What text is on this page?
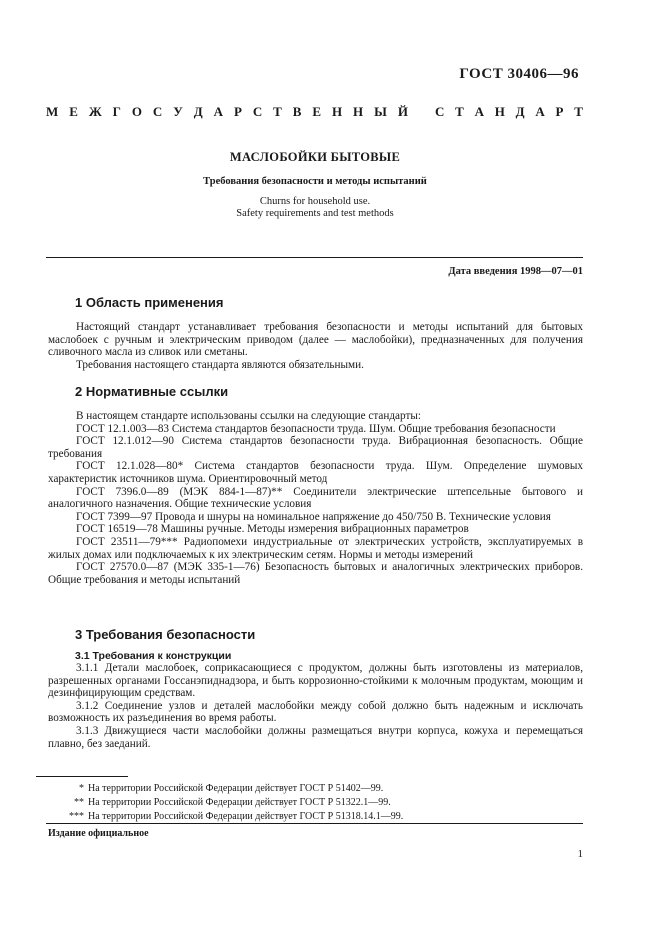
ГОСТ 30406—96
М Е Ж Г О С У Д А Р С Т В Е Н Н Ы Й С Т А Н Д А Р Т
МАСЛОБОЙКИ БЫТОВЫЕ
Требования безопасности и методы испытаний
Churns for household use.
Safety requirements and test methods
Дата введения 1998—07—01
1 Область применения

Настоящий стандарт устанавливает требования безопасности и методы испытаний для бытовых маслобоек с ручным и электрическим приводом (далее — маслобойки), предназначенных для получения сливочного масла из сливок или сметаны.

Требования настоящего стандарта являются обязательными.

2 Нормативные ссылки

В настоящем стандарте использованы ссылки на следующие стандарты:

ГОСТ 12.1.003—83 Система стандартов безопасности труда. Шум. Общие требования безопасности

ГОСТ 12.1.012—90 Система стандартов безопасности труда. Вибрационная безопасность. Общие требования

ГОСТ 12.1.028—80* Система стандартов безопасности труда. Шум. Определение шумовых характеристик источников шума. Ориентировочный метод

ГОСТ 7396.0—89 (МЭК 884-1—87)** Соединители электрические штепсельные бытового и аналогичного назначения. Общие технические условия

ГОСТ 7399—97 Провода и шнуры на номинальное напряжение до 450/750 В. Технические условия

ГОСТ 16519—78 Машины ручные. Методы измерения вибрационных параметров

ГОСТ 23511—79*** Радиопомехи индустриальные от электрических устройств, эксплуатируемых в жилых домах или подключаемых к их электрическим сетям. Нормы и методы измерений

ГОСТ 27570.0—87 (МЭК 335-1—76) Безопасность бытовых и аналогичных электрических приборов. Общие требования и методы испытаний

3 Требования безопасности
3.1 Требования к конструкции

3.1.1 Детали маслобоек, соприкасающиеся с продуктом, должны быть изготовлены из материалов, разрешенных органами Госсанэпиднадзора, и быть коррозионно-стойкими к молочным продуктам, моющим и дезинфицирующим средствам.

3.1.2 Соединение узлов и деталей маслобойки между собой должно быть надежным и исключать возможность их разъединения во время работы.

3.1.3 Движущиеся части маслобойки должны размещаться внутри корпуса, кожуха и перемещаться плавно, без заеданий.

* На территории Российской Федерации действует ГОСТ Р 51402—99.
** На территории Российской Федерации действует ГОСТ Р 51322.1—99.
*** На территории Российской Федерации действует ГОСТ Р 51318.14.1—99.
Издание официальное
1
